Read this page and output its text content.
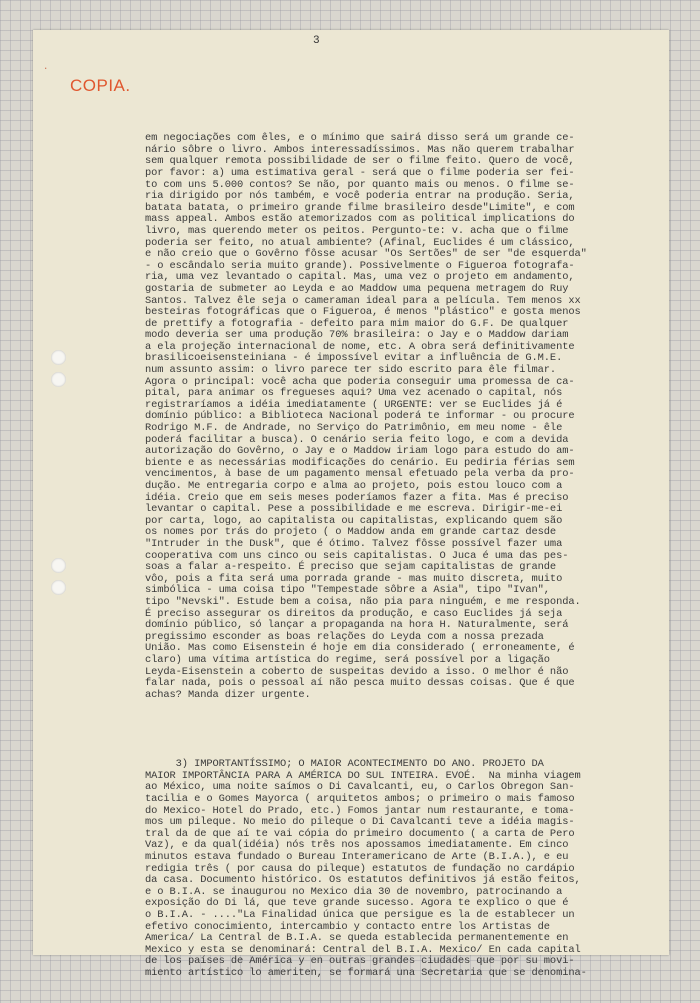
·
3
COPIA.

em negociações com êles, e o mínimo que sairá disso será um grande ce-
nário sôbre o livro. Ambos interessadíssimos. Mas não querem trabalhar
sem qualquer remota possibilidade de ser o filme feito. Quero de você,
por favor: a) uma estimativa geral - será que o filme poderia ser fei-
to com uns 5.000 contos? Se não, por quanto mais ou menos. O filme se-
ria dirigido por nós também, e você poderia entrar na produção. Seria,
batata batata, o primeiro grande filme brasileiro desde"Limite", e com
mass appeal. Ambos estão atemorizados com as political implications do
livro, mas querendo meter os peitos. Pergunto-te: v. acha que o filme
poderia ser feito, no atual ambiente? (Afinal, Euclides é um clássico,
e não creio que o Govêrno fôsse acusar "Os Sertões" de ser "de esquerda"
- o escândalo seria muito grande). Possivelmente o Figueroa fotografa-
ria, uma vez levantado o capital. Mas, uma vez o projeto em andamento,
gostaria de submeter ao Leyda e ao Maddow uma pequena metragem do Ruy
Santos. Talvez êle seja o cameraman ideal para a película. Tem menos xx
besteiras fotográficas que o Figueroa, é menos "plástico" e gosta menos
de prettify a fotografia - defeito para mim maior do G.F. De qualquer
modo deveria ser uma produção 70% brasileira: o Jay e o Maddow dariam
a ela projeção internacional de nome, etc. A obra será definitivamente
brasilicoeisensteiniana - é impossível evitar a influência de G.M.E.
num assunto assim: o livro parece ter sido escrito para êle filmar.
Agora o principal: você acha que poderia conseguir uma promessa de ca-
pital, para animar os fregueses aqui? Uma vez acenado o capital, nós
registraríamos a idéia imediatamente ( URGENTE: ver se Euclides já é
domínio público: a Biblioteca Nacional poderá te informar - ou procure
Rodrigo M.F. de Andrade, no Serviço do Patrimônio, em meu nome - êle
poderá facilitar a busca). O cenário seria feito logo, e com a devida
autorização do Govêrno, o Jay e o Maddow iriam logo para estudo do am-
biente e as necessárias modificações do cenário. Eu pediria férias sem
vencimentos, à base de um pagamento mensal efetuado pela verba da pro-
dução. Me entregaria corpo e alma ao projeto, pois estou louco com a
idéia. Creio que em seis meses poderíamos fazer a fita. Mas é preciso
levantar o capital. Pese a possibilidade e me escreva. Dirigir-me-ei
por carta, logo, ao capitalista ou capitalistas, explicando quem são
os nomes por trás do projeto ( o Maddow anda em grande cartaz desde
"Intruder in the Dusk", que é ótimo. Talvez fôsse possível fazer uma
cooperativa com uns cinco ou seis capitalistas. O Juca é uma das pes-
soas a falar a-respeito. É preciso que sejam capitalistas de grande
vôo, pois a fita será uma porrada grande - mas muito discreta, muito
simbólica - uma coisa tipo "Tempestade sôbre a Asia", tipo "Ivan",
tipo "Nevski". Estude bem a coisa, não pia para ninguém, e me responda.
É preciso assegurar os direitos da produção, e caso Euclides já seja
domínio público, só lançar a propaganda na hora H. Naturalmente, será
pregissimo esconder as boas relações do Leyda com a nossa prezada
União. Mas como Eisenstein é hoje em dia considerado ( erroneamente, é
claro) uma vítima artística do regime, será possível por a ligação
Leyda-Eisenstein a coberto de suspeitas devido a isso. O melhor é não
falar nada, pois o pessoal aí não pesca muito dessas coisas. Que é que
achas? Manda dizer urgente.

3) IMPORTANTÍSSIMO; O MAIOR ACONTECIMENTO DO ANO. PROJETO DA
MAIOR IMPORTÂNCIA PARA A AMÉRICA DO SUL INTEIRA. EVOÉ.  Na minha viagem
ao México, uma noite saímos o Di Cavalcanti, eu, o Carlos Obregon San-
tacilia e o Gomes Mayorca ( arquitetos ambos; o primeiro o mais famoso
do Mexico- Hotel do Prado, etc.) Fomos jantar num restaurante, e toma-
mos um pileque. No meio do pileque o Di Cavalcanti teve a idéia magis-
tral da de que aí te vai cópia do primeiro documento ( a carta de Pero
Vaz), e da qual(idéia) nós três nos apossamos imediatamente. Em cinco
minutos estava fundado o Bureau Interamericano de Arte (B.I.A.), e eu
redigia três ( por causa do pileque) estatutos de fundação no cardápio
da casa. Documento histórico. Os estatutos definitivos já estão feitos,
e o B.I.A. se inaugurou no Mexico dia 30 de novembro, patrocinando a
exposição do Di lá, que teve grande sucesso. Agora te explico o que é
o B.I.A. - ...."La Finalidad única que persigue es la de establecer un
efetivo conocimiento, intercambio y contacto entre los Artistas de
America/ La Central de B.I.A. se queda establecida permanentemente en
Mexico y esta se denominará: Central del B.I.A. Mexico/ En cada capital
de los países de América y en outras grandes ciudades que por su movi-
miento artístico lo ameriten, se formará una Secretaria que se denomina-
